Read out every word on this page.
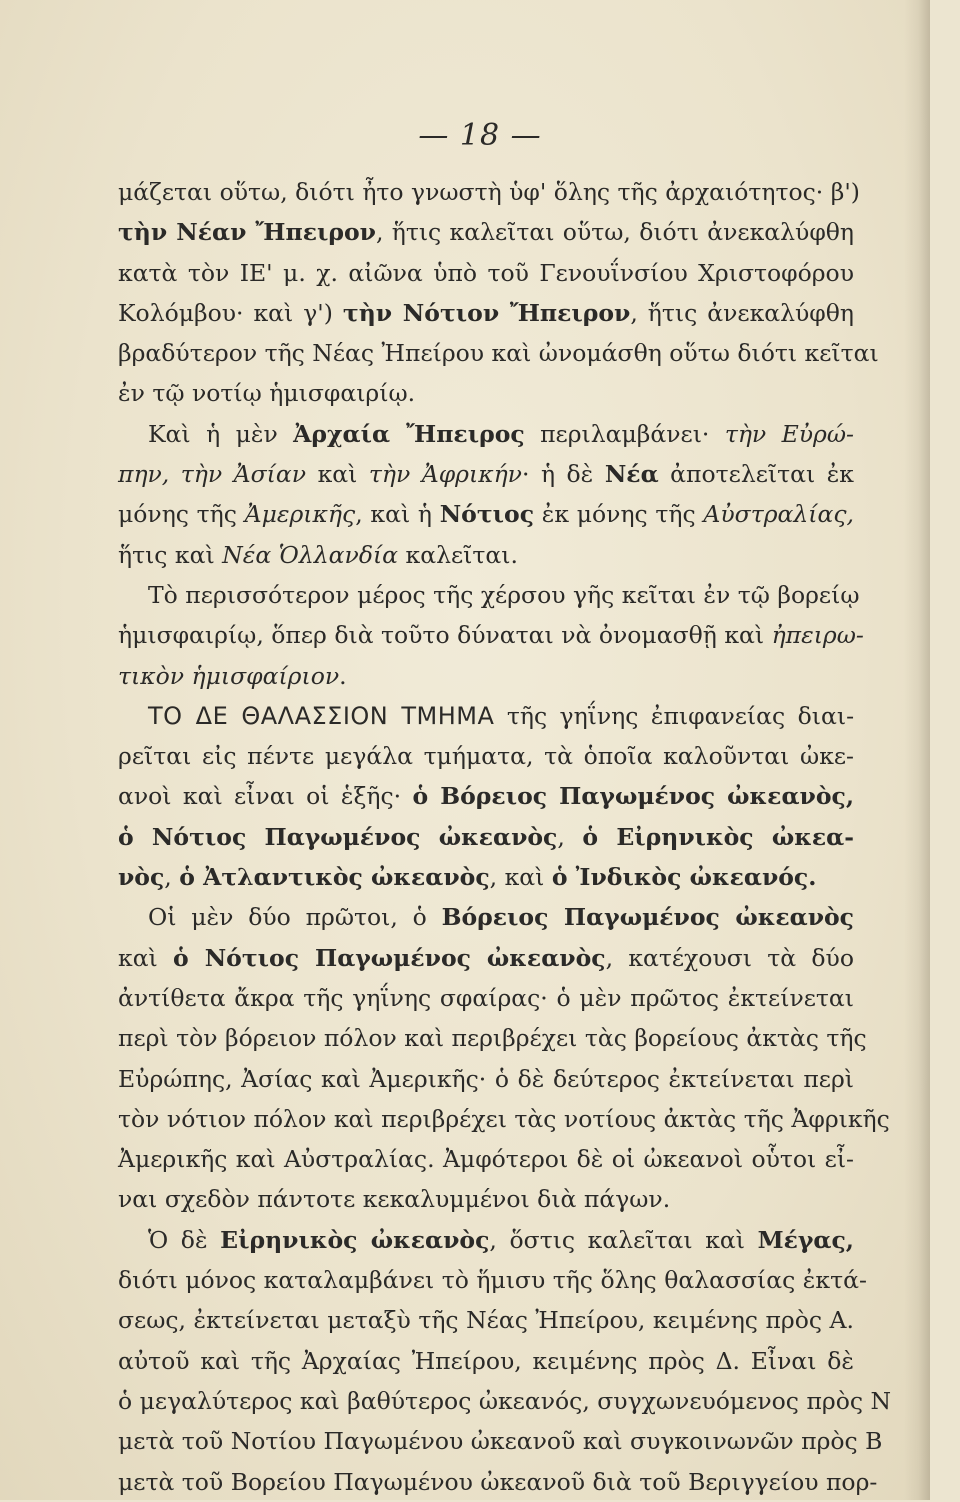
— 18 —
μάζεται οὕτω, διότι ἦτο γνωστὴ ὑφ' ὅλης τῆς ἀρχαιότητος· β')
τὴν Νέαν Ἤπειρον, ἥτις καλεῖται οὕτω, διότι ἀνεκαλύφθη
κατὰ τὸν ΙΕ' μ. χ. αἰῶνα ὑπὸ τοῦ Γενουΐνσίου Χριστοφόρου
Κολόμβου· καὶ γ') τὴν Νότιον Ἤπειρον, ἥτις ἀνεκαλύφθη
βραδύτερον τῆς Νέας Ἠπείρου καὶ ὠνομάσθη οὕτω διότι κεῖται
ἐν τῷ νοτίῳ ἡμισφαιρίῳ.
Καὶ ἡ μὲν Ἀρχαία Ἤπειρος περιλαμβάνει· τὴν Εὐρώ-
πην, τὴν Ἀσίαν καὶ τὴν Ἀφρικήν· ἡ δὲ Νέα ἀποτελεῖται ἐκ
μόνης τῆς Ἀμερικῆς, καὶ ἡ Νότιος ἐκ μόνης τῆς Αὐστραλίας,
ἥτις καὶ Νέα Ὁλλανδία καλεῖται.
Τὸ περισσότερον μέρος τῆς χέρσου γῆς κεῖται ἐν τῷ βορείῳ
ἡμισφαιρίῳ, ὅπερ διὰ τοῦτο δύναται νὰ ὀνομασθῇ καὶ ἠπειρω-
τικὸν ἡμισφαίριον.
ΤΟ ΔΕ ΘΑΛΑΣΣΙΟΝ ΤΜΗΜΑ τῆς γηΐνης ἐπιφανείας διαι-
ρεῖται εἰς πέντε μεγάλα τμήματα, τὰ ὁποῖα καλοῦνται ὠκε-
ανοὶ καὶ εἶναι οἱ ἑξῆς· ὁ Βόρειος Παγωμένος ὠκεανὸς,
ὁ Νότιος Παγωμένος ὠκεανὸς, ὁ Εἰρηνικὸς ὠκεα-
νὸς, ὁ Ἀτλαντικὸς ὠκεανὸς, καὶ ὁ Ἰνδικὸς ὠκεανός.
Οἱ μὲν δύο πρῶτοι, ὁ Βόρειος Παγωμένος ὠκεανὸς
καὶ ὁ Νότιος Παγωμένος ὠκεανὸς, κατέχουσι τὰ δύο
ἀντίθετα ἄκρα τῆς γηΐνης σφαίρας· ὁ μὲν πρῶτος ἐκτείνεται
περὶ τὸν βόρειον πόλον καὶ περιβρέχει τὰς βορείους ἀκτὰς τῆς
Εὐρώπης, Ἀσίας καὶ Ἀμερικῆς· ὁ δὲ δεύτερος ἐκτείνεται περὶ
τὸν νότιον πόλον καὶ περιβρέχει τὰς νοτίους ἀκτὰς τῆς Ἀφρικῆς
Ἀμερικῆς καὶ Αὐστραλίας. Ἀμφότεροι δὲ οἱ ὠκεανοὶ οὗτοι εἶ-
ναι σχεδὸν πάντοτε κεκαλυμμένοι διὰ πάγων.
Ὁ δὲ Εἰρηνικὸς ὠκεανὸς, ὅστις καλεῖται καὶ Μέγας,
διότι μόνος καταλαμβάνει τὸ ἥμισυ τῆς ὅλης θαλασσίας ἐκτά-
σεως, ἐκτείνεται μεταξὺ τῆς Νέας Ἠπείρου, κειμένης πρὸς Α.
αὐτοῦ καὶ τῆς Ἀρχαίας Ἠπείρου, κειμένης πρὸς Δ. Εἶναι δὲ
ὁ μεγαλύτερος καὶ βαθύτερος ὠκεανός, συγχωνευόμενος πρὸς Ν
μετὰ τοῦ Νοτίου Παγωμένου ὠκεανοῦ καὶ συγκοινωνῶν πρὸς Β
μετὰ τοῦ Βορείου Παγωμένου ὠκεανοῦ διὰ τοῦ Βεριγγείου πορ-
